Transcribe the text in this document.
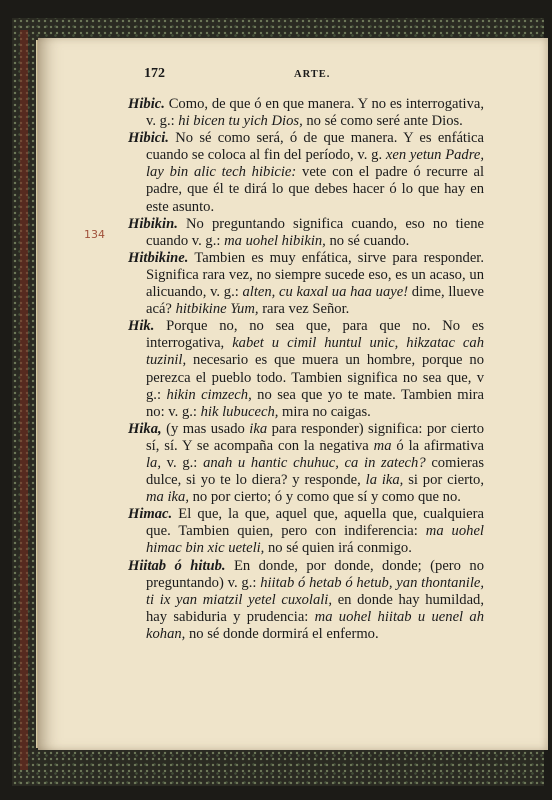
172	ARTE.
134

Hibic. Como, de que ó en que manera. Y no es interrogativa, v. g.: hi bicen tu yich Dios, no sé como seré ante Dios.

Hibici. No sé como será, ó de que manera. Y es enfática cuando se coloca al fin del período, v. g. xen yetun Padre, lay bin alic tech hibicie: vete con el padre ó recurre al padre, que él te dirá lo que debes hacer ó lo que hay en este asunto.

Hibikin. No preguntando significa cuando, eso no tiene cuando v. g.: ma uohel hibikin, no sé cuando.

Hitbikine. Tambien es muy enfática, sirve para responder. Significa rara vez, no siempre sucede eso, es un acaso, un alicuando, v. g.: alten, cu kaxal ua haa uaye! dime, llueve acá? hitbikine Yum, rara vez Señor.

Hik. Porque no, no sea que, para que no. No es interrogativa, kabet u cimil huntul unic, hikzatac cah tuzinil, necesario es que muera un hombre, porque no perezca el pueblo todo. Tambien significa no sea que, v g.: hikin cimzech, no sea que yo te mate. Tambien mira no: v. g.: hik lubucech, mira no caigas.

Hika, (y mas usado ika para responder) significa: por cierto sí, sí. Y se acompaña con la negativa ma ó la afirmativa la, v. g.: anah u hantic chuhuc, ca in zatech? comieras dulce, si yo te lo diera? y responde, la ika, si por cierto, ma ika, no por cierto; ó y como que sí y como que no.

Himac. El que, la que, aquel que, aquella que, cualquiera que. Tambien quien, pero con indiferencia: ma uohel himac bin xic ueteli, no sé quien irá conmigo.

Hiitab ó hitub. En donde, por donde, donde; (pero no preguntando) v. g.: hiitab ó hetab ó hetub, yan thontanile, ti ix yan miatzil yetel cuxolali, en donde hay humildad, hay sabiduria y prudencia: ma uohel hiitab u uenel ah kohan, no sé donde dormirá el enfermo.
